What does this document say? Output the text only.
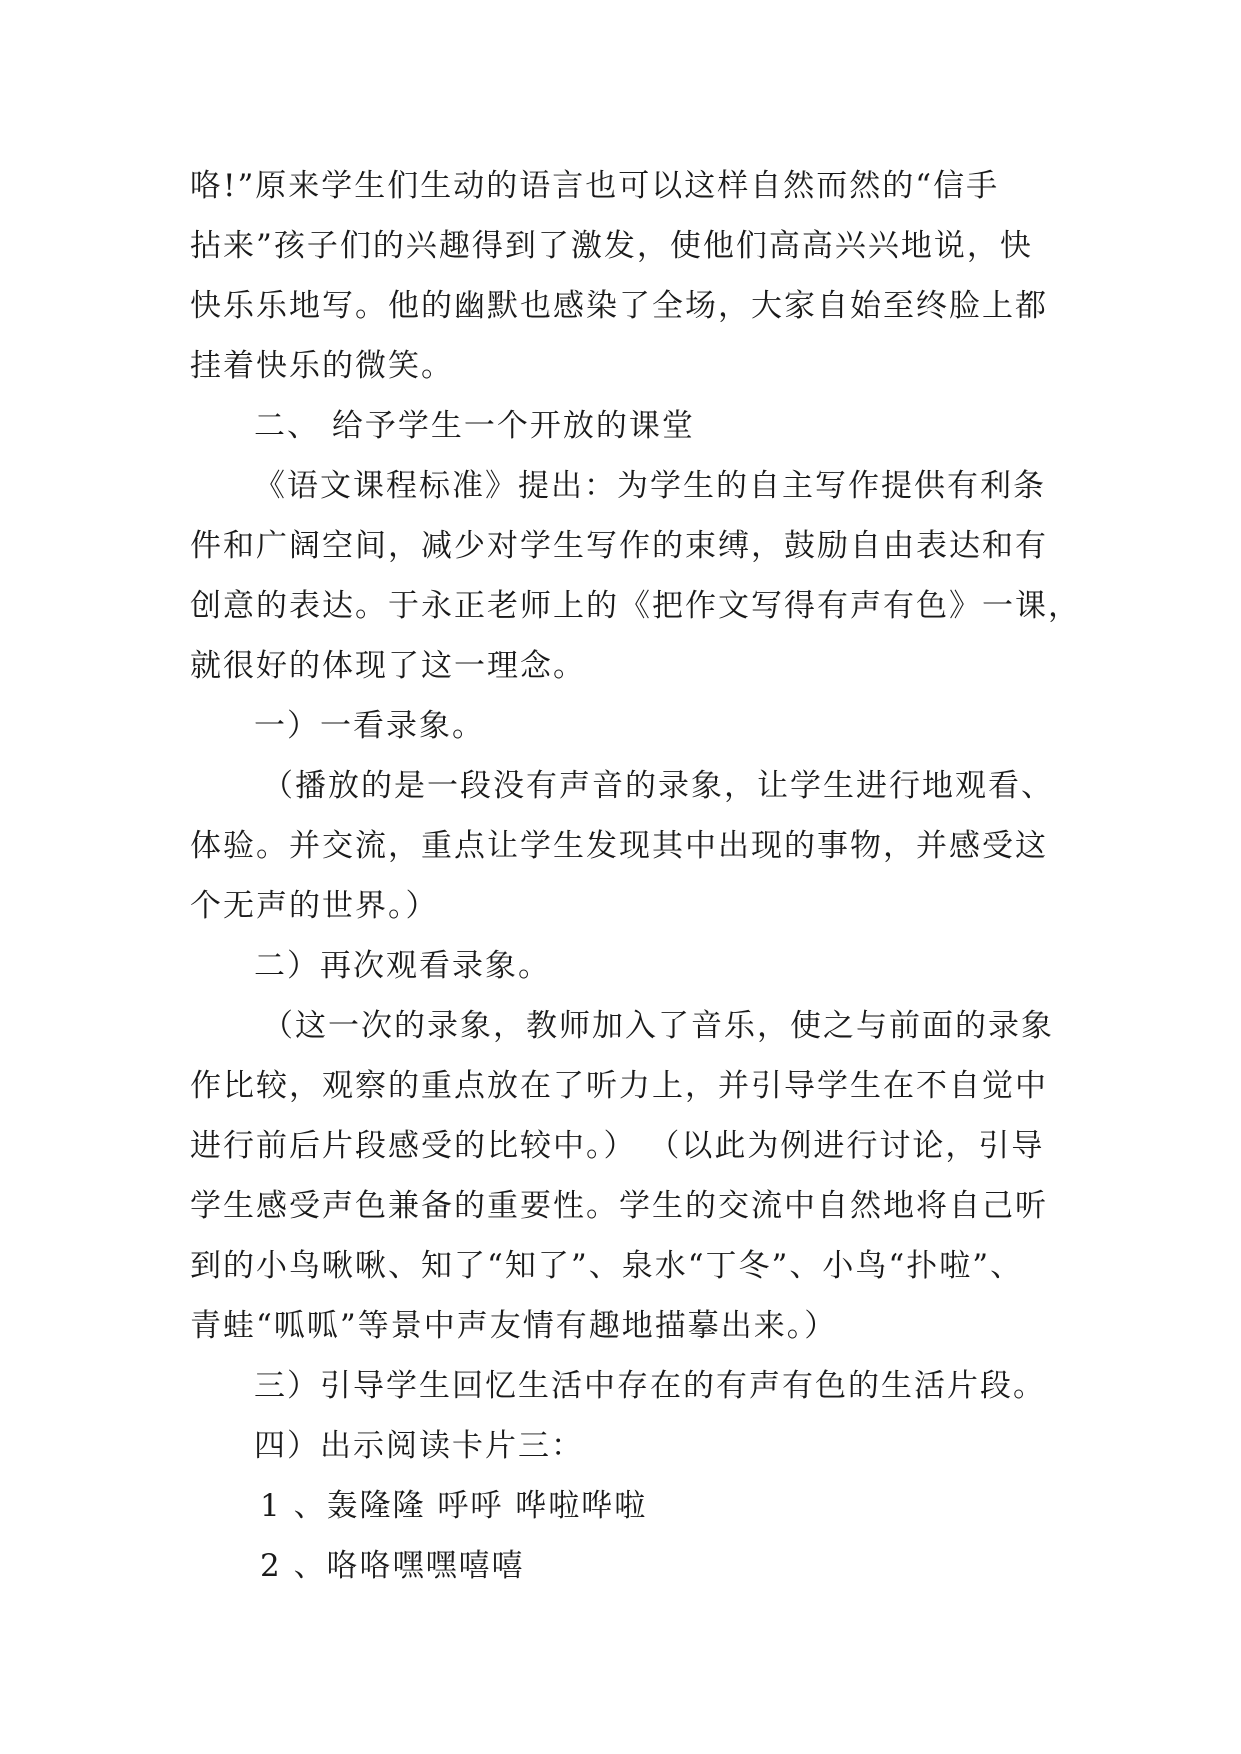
咯!”原来学生们生动的语言也可以这样自然而然的“信手
拈来”孩子们的兴趣得到了激发，使他们高高兴兴地说，快
快乐乐地写。他的幽默也感染了全场，大家自始至终脸上都
挂着快乐的微笑。
二、 给予学生一个开放的课堂
《语文课程标准》提出：为学生的自主写作提供有利条
件和广阔空间，减少对学生写作的束缚，鼓励自由表达和有
创意的表达。于永正老师上的《把作文写得有声有色》一课，
就很好的体现了这一理念。
一）一看录象。
（播放的是一段没有声音的录象，让学生进行地观看、
体验。并交流，重点让学生发现其中出现的事物，并感受这
个无声的世界。）
二）再次观看录象。
（这一次的录象，教师加入了音乐，使之与前面的录象
作比较，观察的重点放在了听力上，并引导学生在不自觉中
进行前后片段感受的比较中。） （以此为例进行讨论，引导
学生感受声色兼备的重要性。学生的交流中自然地将自己听
到的小鸟啾啾、知了“知了”、泉水“丁冬”、小鸟“扑啦”、
青蛙“呱呱”等景中声友情有趣地描摹出来。）
三）引导学生回忆生活中存在的有声有色的生活片段。
四）出示阅读卡片三：
1 、轰隆隆 呼呼 哗啦哗啦
2 、咯咯嘿嘿嘻嘻
